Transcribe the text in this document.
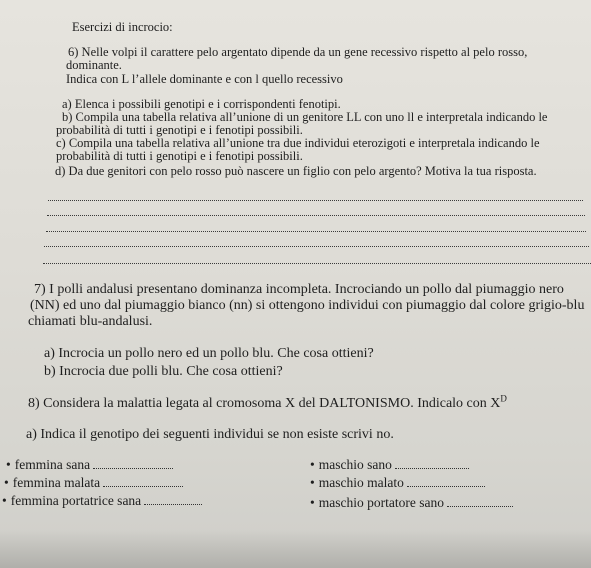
Esercizi di incrocio:
6) Nelle volpi il carattere pelo argentato dipende da un gene recessivo rispetto al pelo rosso,
dominante.
Indica con L l’allele dominante e con l quello recessivo
a) Elenca i possibili genotipi e i corrispondenti fenotipi.
b) Compila una tabella relativa all’unione di un genitore LL con uno ll e interpretala indicando le
probabilità di tutti i genotipi e i fenotipi possibili.
c) Compila una tabella relativa all’unione tra due individui eterozigoti e interpretala indicando le
probabilità di tutti i genotipi e i fenotipi possibili.
d) Da due genitori con pelo rosso può nascere un figlio con pelo argento? Motiva la tua risposta.
7) I polli andalusi presentano dominanza incompleta. Incrociando un pollo dal piumaggio nero
(NN) ed uno dal piumaggio bianco (nn) si ottengono individui con piumaggio dal colore grigio-blu
chiamati blu-andalusi.
a) Incrocia un pollo nero ed un pollo blu. Che cosa ottieni?
b) Incrocia due polli blu. Che cosa ottieni?
8) Considera la malattia legata al cromosoma X del DALTONISMO. Indicalo con $X^D$
a) Indica il genotipo dei seguenti individui se non esiste scrivi no.
• femmina sana	• maschio sano
• femmina malata	• maschio malato
• femmina portatrice sana	• maschio portatore sano
